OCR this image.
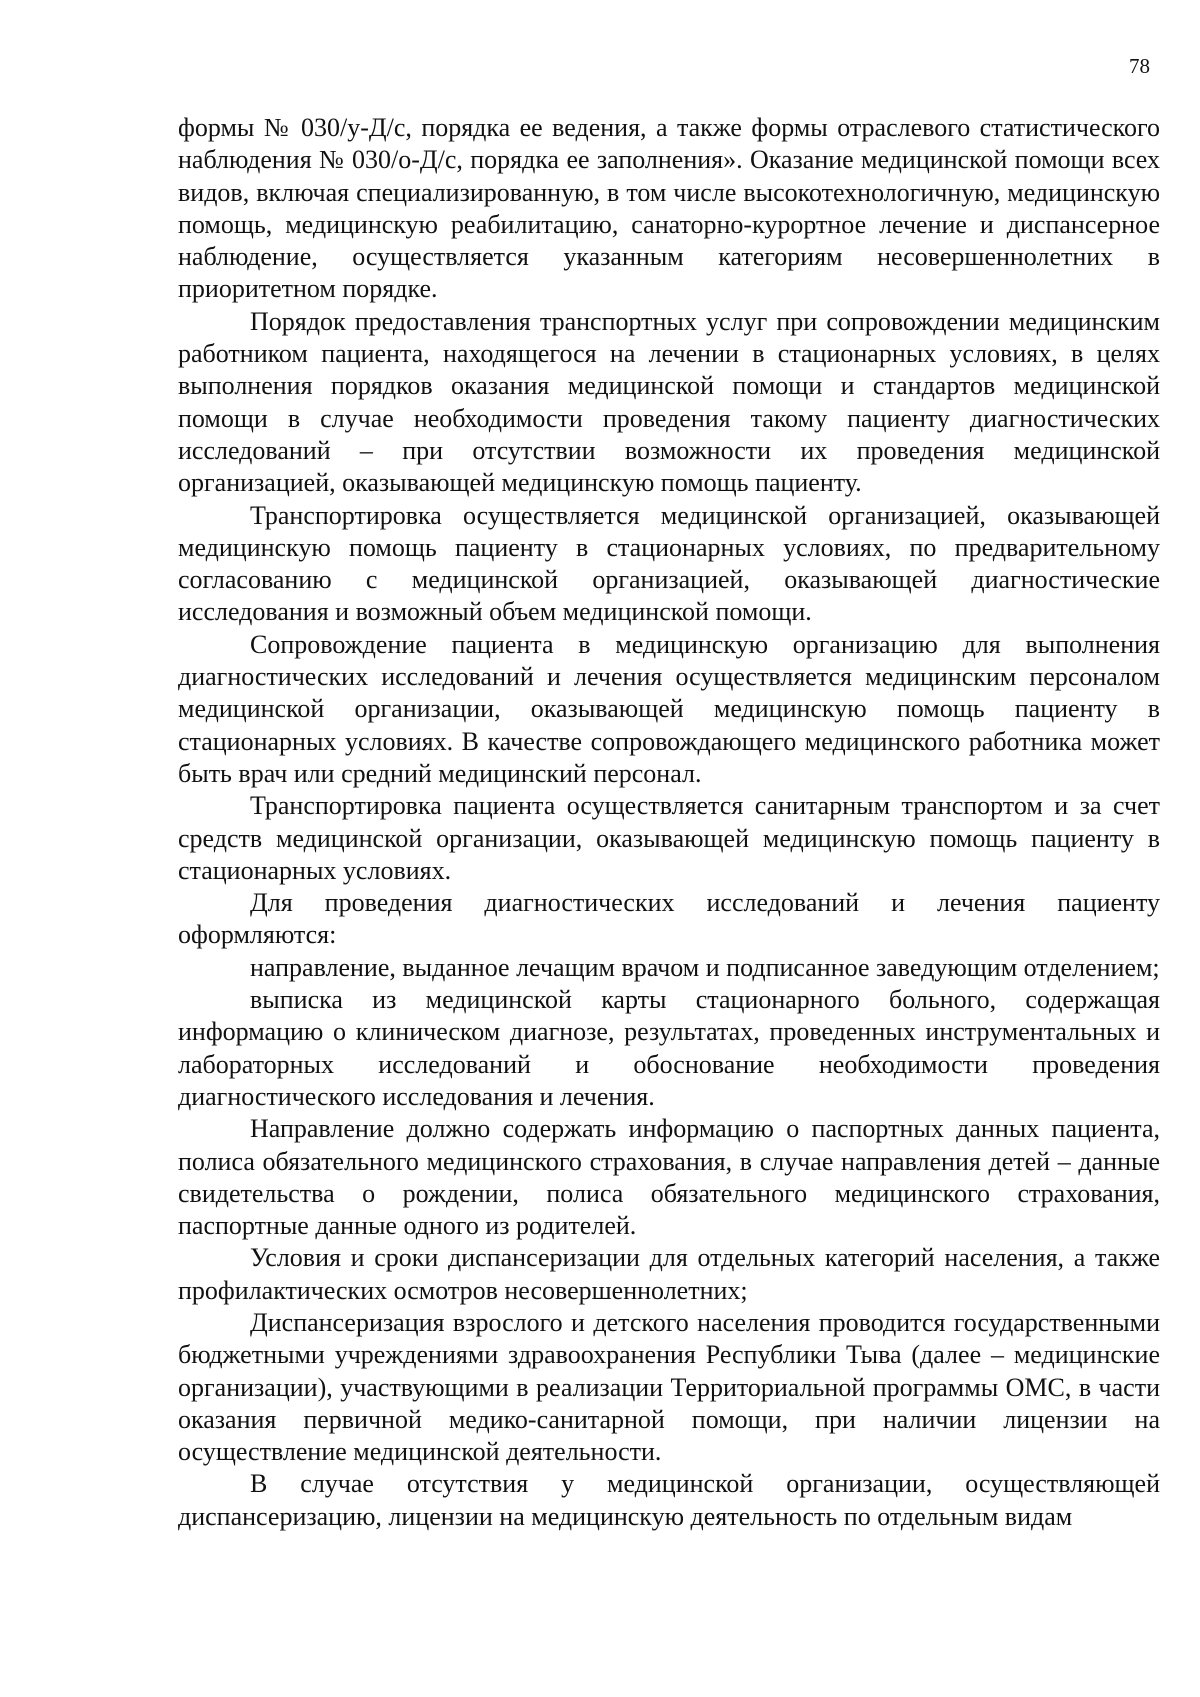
78

формы № 030/у-Д/с, порядка ее ведения, а также формы отраслевого статистического наблюдения № 030/о-Д/с, порядка ее заполнения». Оказание медицинской помощи всех видов, включая специализированную, в том числе высокотехнологичную, медицинскую помощь, медицинскую реабилитацию, санаторно-курортное лечение и диспансерное наблюдение, осуществляется указанным категориям несовершеннолетних в приоритетном порядке.

Порядок предоставления транспортных услуг при сопровождении медицинским работником пациента, находящегося на лечении в стационарных условиях, в целях выполнения порядков оказания медицинской помощи и стандартов медицинской помощи в случае необходимости проведения такому пациенту диагностических исследований – при отсутствии возможности их проведения медицинской организацией, оказывающей медицинскую помощь пациенту.

Транспортировка осуществляется медицинской организацией, оказывающей медицинскую помощь пациенту в стационарных условиях, по предварительному согласованию с медицинской организацией, оказывающей диагностические исследования и возможный объем медицинской помощи.

Сопровождение пациента в медицинскую организацию для выполнения диагностических исследований и лечения осуществляется медицинским персоналом медицинской организации, оказывающей медицинскую помощь пациенту в стационарных условиях. В качестве сопровождающего медицинского работника может быть врач или средний медицинский персонал.

Транспортировка пациента осуществляется санитарным транспортом и за счет средств медицинской организации, оказывающей медицинскую помощь пациенту в стационарных условиях.

Для проведения диагностических исследований и лечения пациенту оформляются:

направление, выданное лечащим врачом и подписанное заведующим отделением;

выписка из медицинской карты стационарного больного, содержащая информацию о клиническом диагнозе, результатах, проведенных инструментальных и лабораторных исследований и обоснование необходимости проведения диагностического исследования и лечения.

Направление должно содержать информацию о паспортных данных пациента, полиса обязательного медицинского страхования, в случае направления детей – данные свидетельства о рождении, полиса обязательного медицинского страхования, паспортные данные одного из родителей.

Условия и сроки диспансеризации для отдельных категорий населения, а также профилактических осмотров несовершеннолетних;

Диспансеризация взрослого и детского населения проводится государственными бюджетными учреждениями здравоохранения Республики Тыва (далее – медицинские организации), участвующими в реализации Территориальной программы ОМС, в части оказания первичной медико-санитарной помощи, при наличии лицензии на осуществление медицинской деятельности.

В случае отсутствия у медицинской организации, осуществляющей диспансеризацию, лицензии на медицинскую деятельность по отдельным видам
